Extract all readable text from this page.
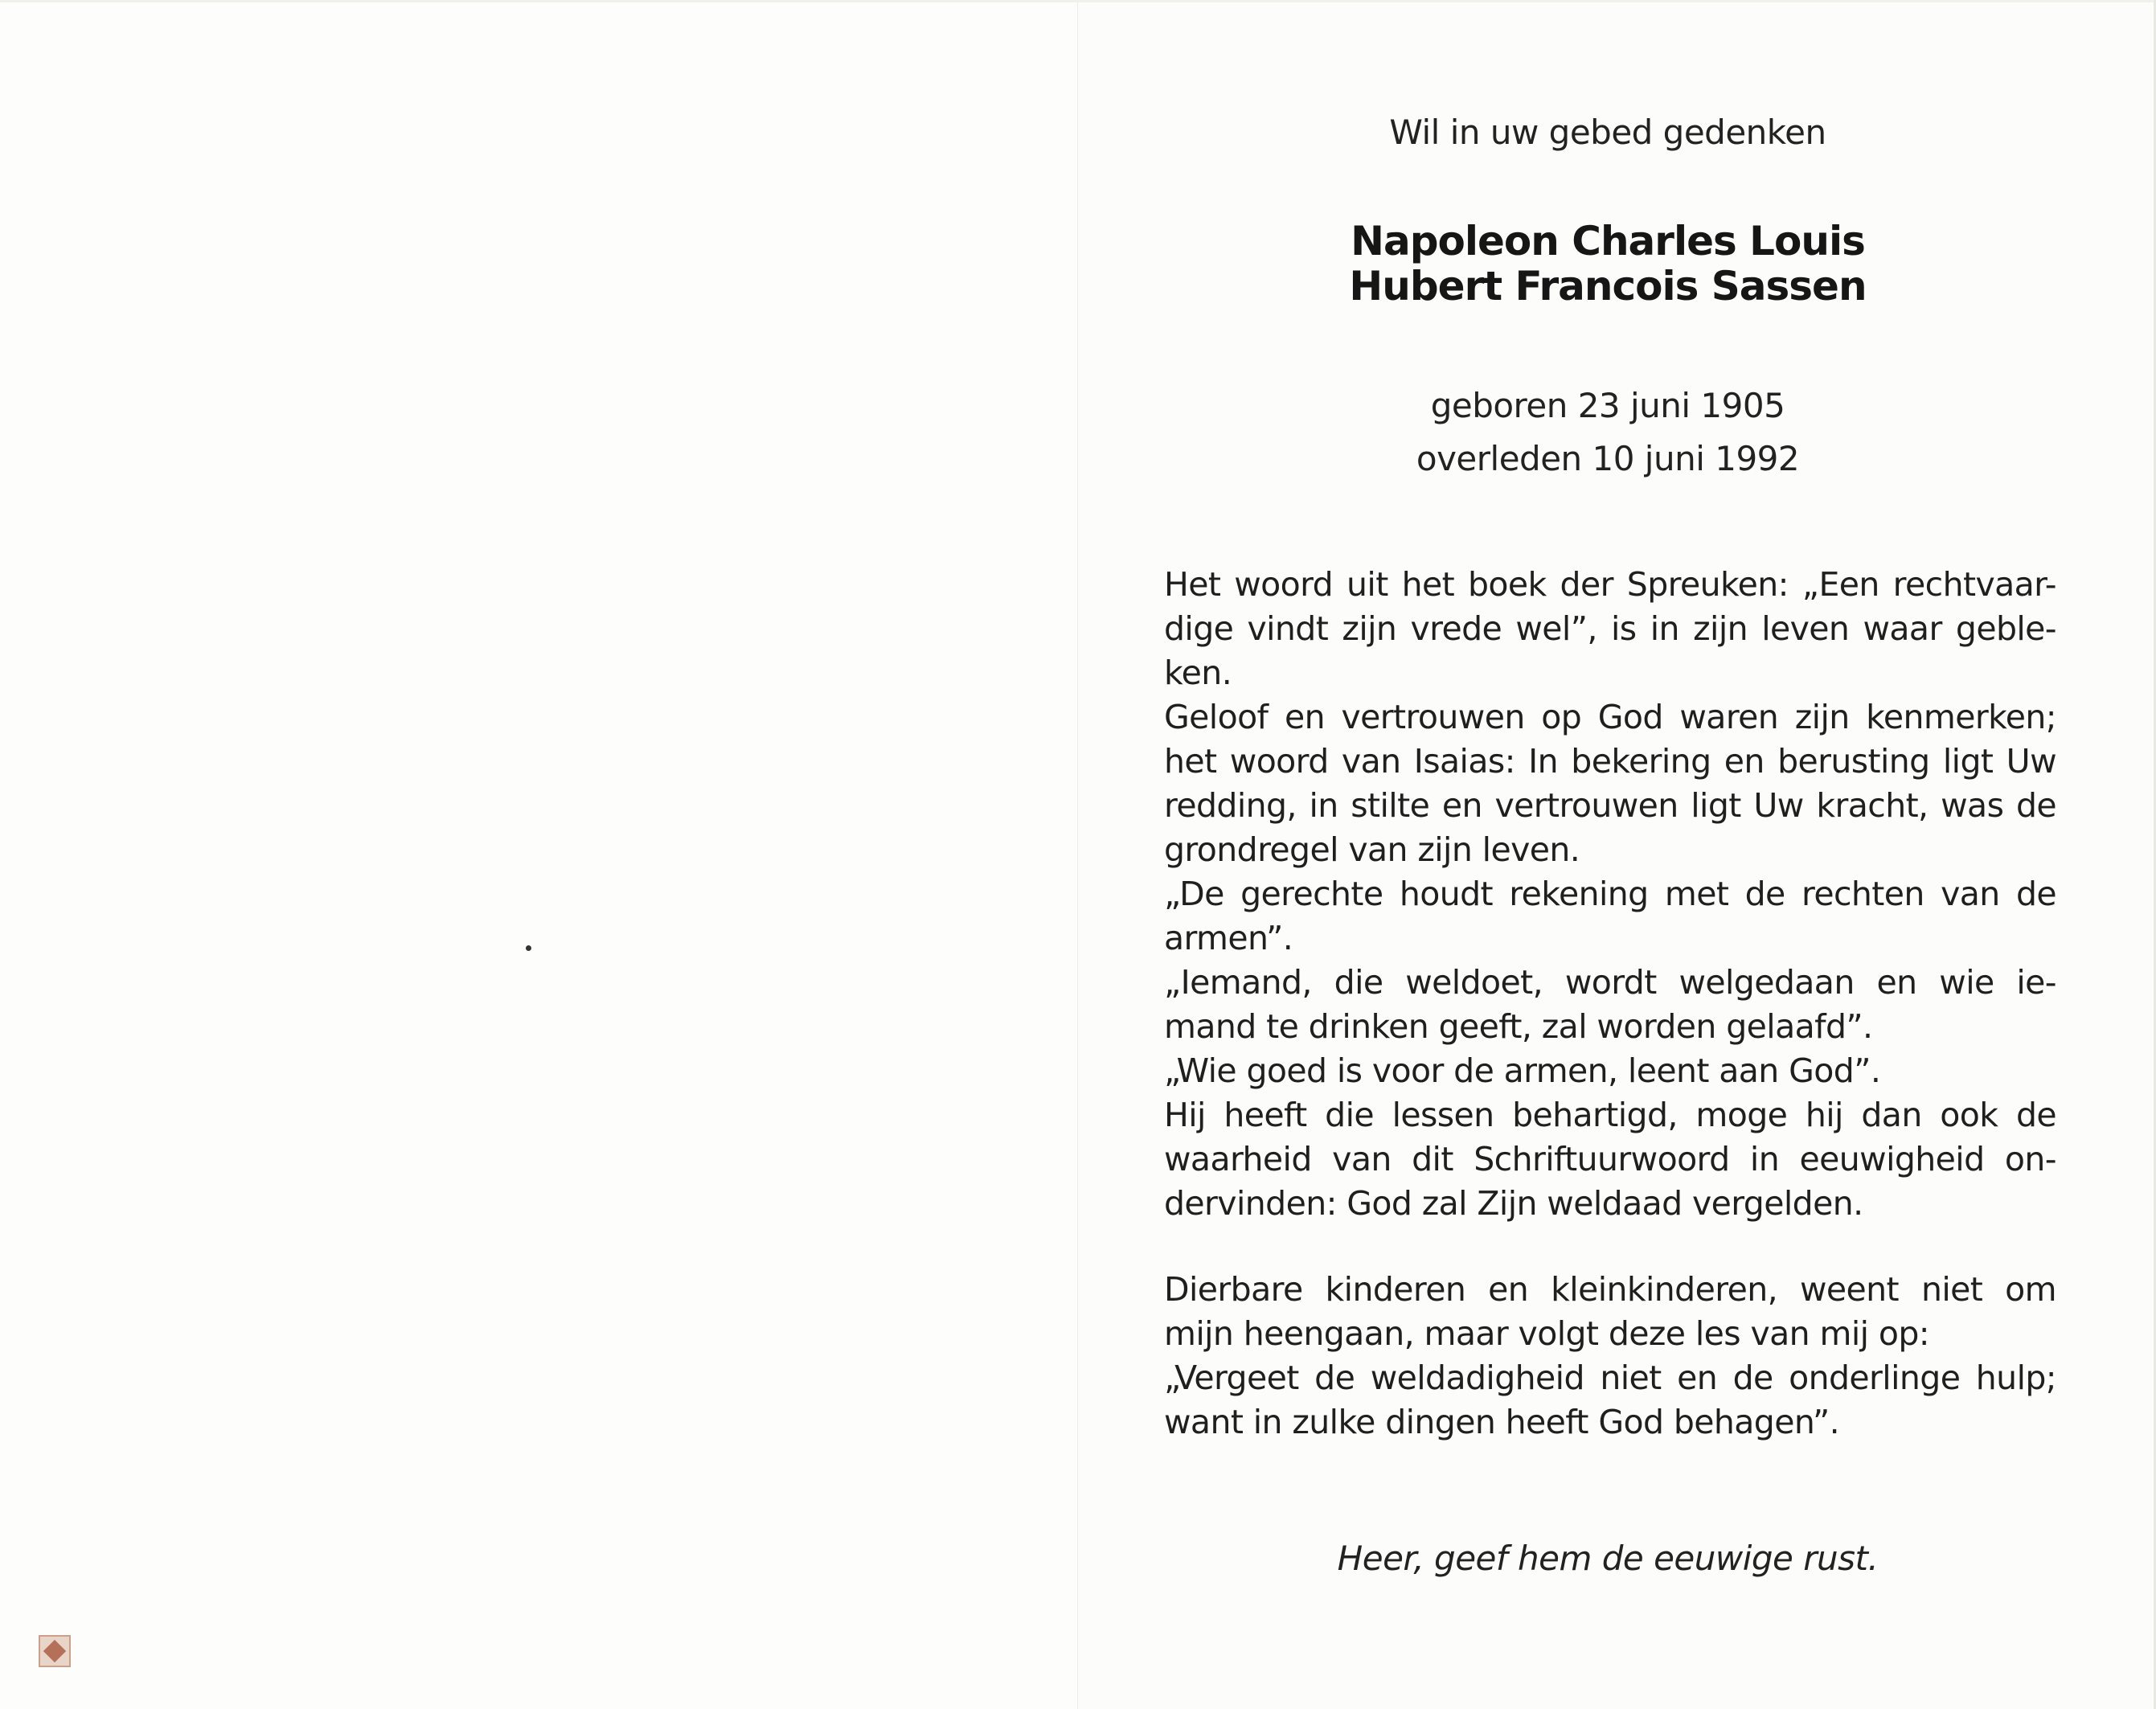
Wil in uw gebed gedenken
Napoleon Charles Louis
Hubert Francois Sassen
geboren 23 juni 1905
overleden 10 juni 1992

Het woord uit het boek der Spreuken: „Een rechtvaar- dige vindt zijn vrede wel”, is in zijn leven waar geble- ken.

Geloof en vertrouwen op God waren zijn kenmerken; het woord van Isaias: In bekering en berusting ligt Uw redding, in stilte en vertrouwen ligt Uw kracht, was de grondregel van zijn leven.

„De gerechte houdt rekening met de rechten van de armen”.

„Iemand, die weldoet, wordt welgedaan en wie ie- mand te drinken geeft, zal worden gelaafd”.

„Wie goed is voor de armen, leent aan God”.

Hij heeft die lessen behartigd, moge hij dan ook de waarheid van dit Schriftuurwoord in eeuwigheid on- dervinden: God zal Zijn weldaad vergelden.

Dierbare kinderen en kleinkinderen, weent niet om mijn heengaan, maar volgt deze les van mij op:

„Vergeet de weldadigheid niet en de onderlinge hulp; want in zulke dingen heeft God behagen”.

Heer, geef hem de eeuwige rust.
